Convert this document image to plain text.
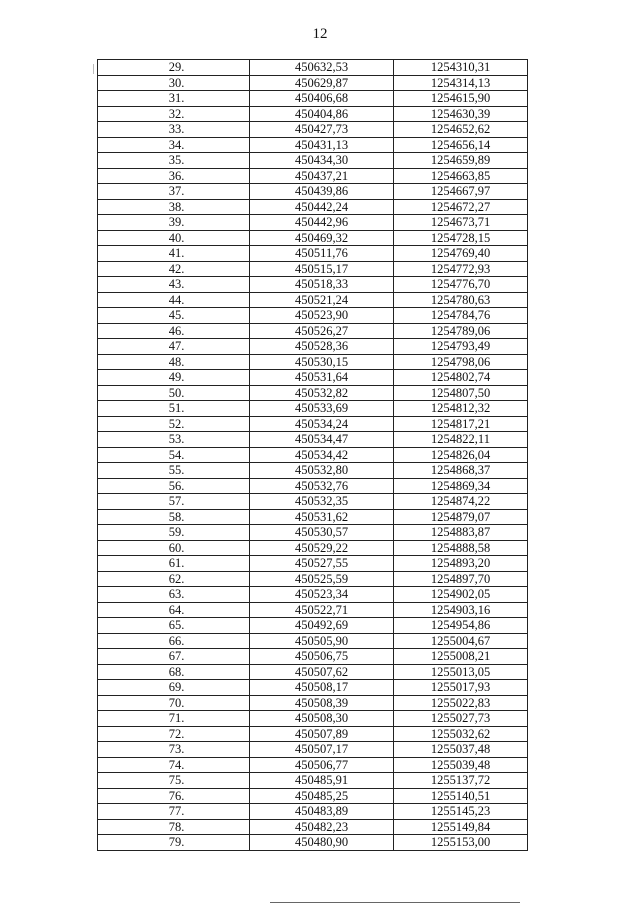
12
29.	450632,53	1254310,31
30.	450629,87	1254314,13
31.	450406,68	1254615,90
32.	450404,86	1254630,39
33.	450427,73	1254652,62
34.	450431,13	1254656,14
35.	450434,30	1254659,89
36.	450437,21	1254663,85
37.	450439,86	1254667,97
38.	450442,24	1254672,27
39.	450442,96	1254673,71
40.	450469,32	1254728,15
41.	450511,76	1254769,40
42.	450515,17	1254772,93
43.	450518,33	1254776,70
44.	450521,24	1254780,63
45.	450523,90	1254784,76
46.	450526,27	1254789,06
47.	450528,36	1254793,49
48.	450530,15	1254798,06
49.	450531,64	1254802,74
50.	450532,82	1254807,50
51.	450533,69	1254812,32
52.	450534,24	1254817,21
53.	450534,47	1254822,11
54.	450534,42	1254826,04
55.	450532,80	1254868,37
56.	450532,76	1254869,34
57.	450532,35	1254874,22
58.	450531,62	1254879,07
59.	450530,57	1254883,87
60.	450529,22	1254888,58
61.	450527,55	1254893,20
62.	450525,59	1254897,70
63.	450523,34	1254902,05
64.	450522,71	1254903,16
65.	450492,69	1254954,86
66.	450505,90	1255004,67
67.	450506,75	1255008,21
68.	450507,62	1255013,05
69.	450508,17	1255017,93
70.	450508,39	1255022,83
71.	450508,30	1255027,73
72.	450507,89	1255032,62
73.	450507,17	1255037,48
74.	450506,77	1255039,48
75.	450485,91	1255137,72
76.	450485,25	1255140,51
77.	450483,89	1255145,23
78.	450482,23	1255149,84
79.	450480,90	1255153,00
